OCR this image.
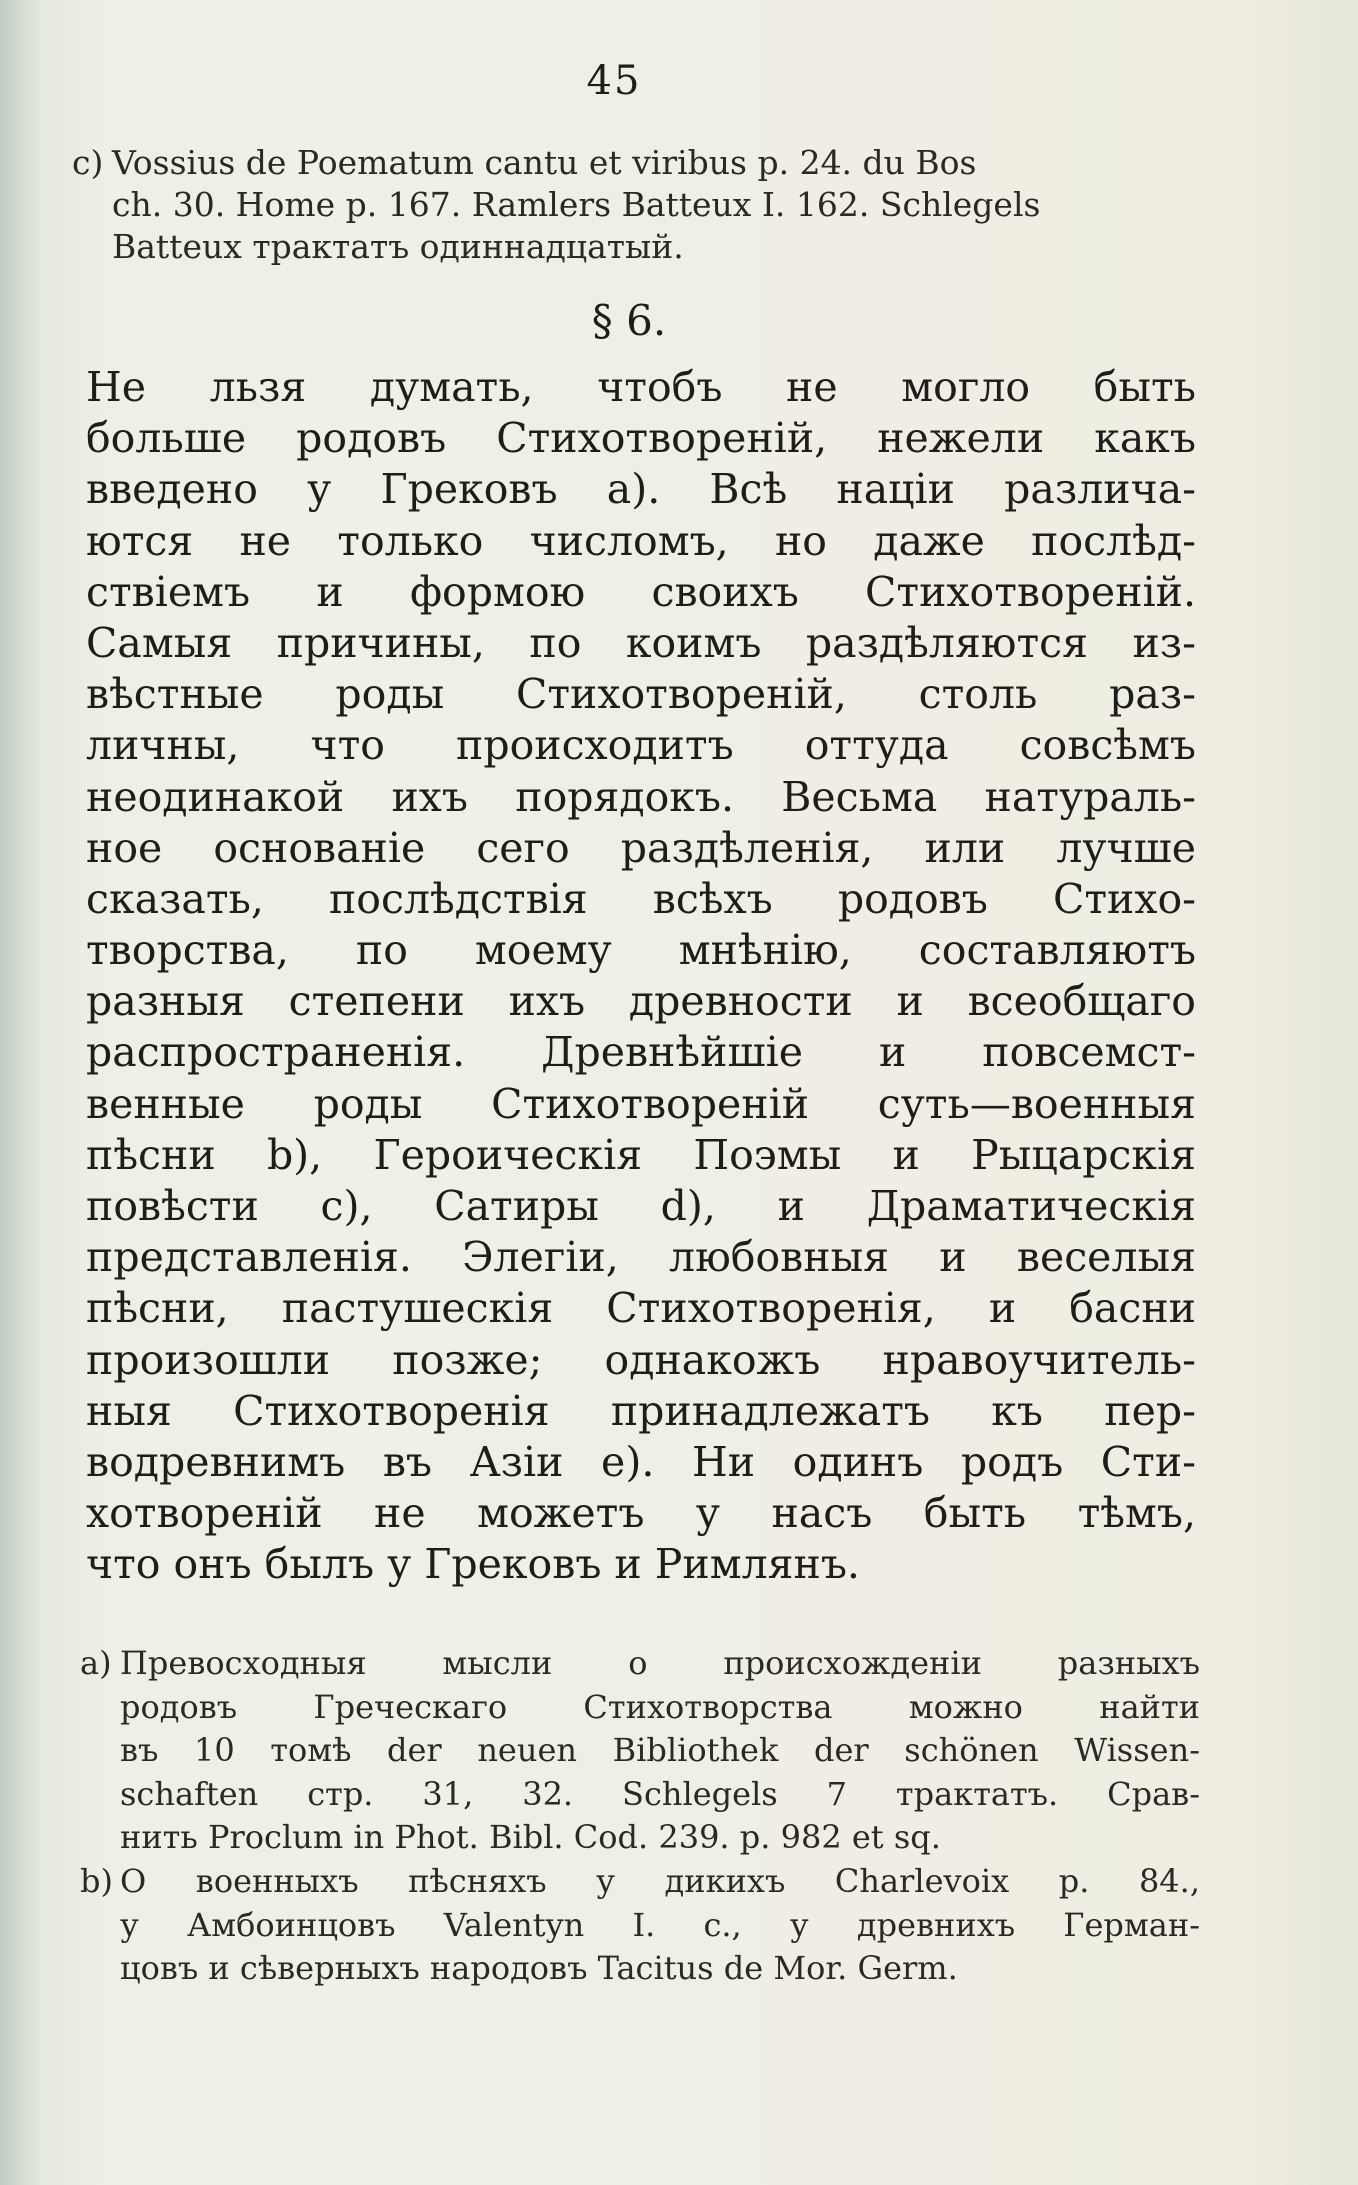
45
c) Vossius de Poematum cantu et viribus p. 24. du Bos
ch. 30. Home p. 167. Ramlers Batteux I. 162. Schlegels
Batteux трактатъ одиннадцатый.
§ 6.
Не льзя думать, чтобъ не могло быть
больше родовъ Стихотвореній, нежели какъ
введено у Грековъ а). Всѣ націи различа-
ются не только числомъ, но даже послѣд-
ствіемъ и формою своихъ Стихотвореній.
Самыя причины, по коимъ раздѣляются из-
вѣстные роды Стихотвореній, столь раз-
личны, что происходитъ оттуда совсѣмъ
неодинакой ихъ порядокъ. Весьма натураль-
ное основаніе сего раздѣленія, или лучше
сказать, послѣдствія всѣхъ родовъ Стихо-
творства, по моему мнѣнію, составляютъ
разныя степени ихъ древности и всеобщаго
распространенія. Древнѣйшіе и повсемст-
венные роды Стихотвореній суть—военныя
пѣсни b), Героическія Поэмы и Рыцарскія
повѣсти c), Сатиры d), и Драматическія
представленія. Элегіи, любовныя и веселыя
пѣсни, пастушескія Стихотворенія, и басни
произошли позже; однакожъ нравоучитель-
ныя Стихотворенія принадлежатъ къ пер-
водревнимъ въ Азіи е). Ни одинъ родъ Сти-
хотвореній не можетъ у насъ быть тѣмъ,
что онъ былъ у Грековъ и Римлянъ.
a) Превосходныя мысли о происхожденіи разныхъ
родовъ Греческаго Стихотворства можно найти
въ 10 томѣ der neuen Bibliothek der schönen Wissen-
schaften стр. 31, 32. Schlegels 7 трактатъ. Срав-
нить Proclum in Phot. Bibl. Cod. 239. p. 982 et sq.
b) О военныхъ пѣсняхъ у дикихъ Charlevoix p. 84.,
у Амбоинцовъ Valentyn I. c., у древнихъ Герман-
цовъ и сѣверныхъ народовъ Tacitus de Mor. Germ.
